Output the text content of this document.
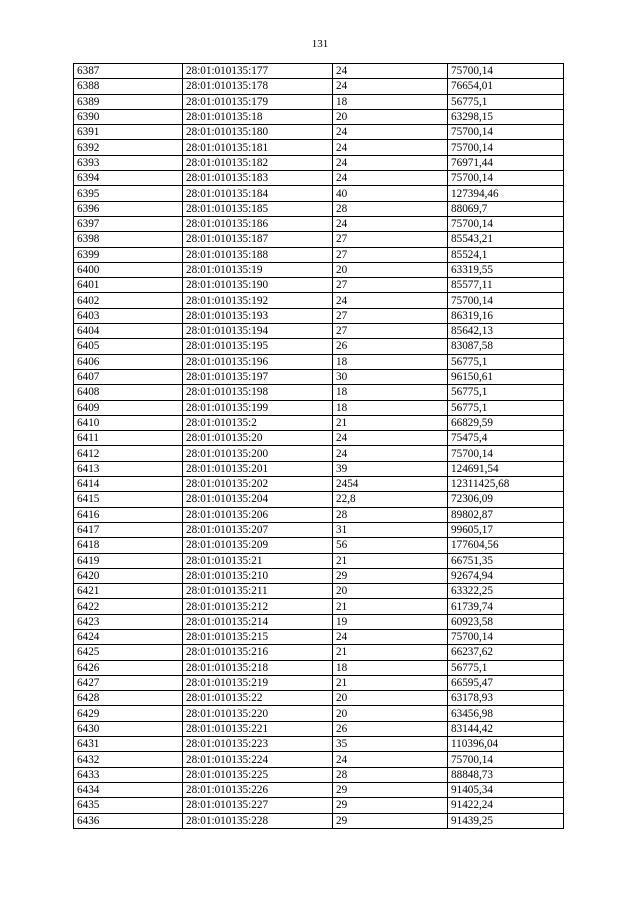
131
6387	28:01:010135:177	24	75700,14
6388	28:01:010135:178	24	76654,01
6389	28:01:010135:179	18	56775,1
6390	28:01:010135:18	20	63298,15
6391	28:01:010135:180	24	75700,14
6392	28:01:010135:181	24	75700,14
6393	28:01:010135:182	24	76971,44
6394	28:01:010135:183	24	75700,14
6395	28:01:010135:184	40	127394,46
6396	28:01:010135:185	28	88069,7
6397	28:01:010135:186	24	75700,14
6398	28:01:010135:187	27	85543,21
6399	28:01:010135:188	27	85524,1
6400	28:01:010135:19	20	63319,55
6401	28:01:010135:190	27	85577,11
6402	28:01:010135:192	24	75700,14
6403	28:01:010135:193	27	86319,16
6404	28:01:010135:194	27	85642,13
6405	28:01:010135:195	26	83087,58
6406	28:01:010135:196	18	56775,1
6407	28:01:010135:197	30	96150,61
6408	28:01:010135:198	18	56775,1
6409	28:01:010135:199	18	56775,1
6410	28:01:010135:2	21	66829,59
6411	28:01:010135:20	24	75475,4
6412	28:01:010135:200	24	75700,14
6413	28:01:010135:201	39	124691,54
6414	28:01:010135:202	2454	12311425,68
6415	28:01:010135:204	22,8	72306,09
6416	28:01:010135:206	28	89802,87
6417	28:01:010135:207	31	99605,17
6418	28:01:010135:209	56	177604,56
6419	28:01:010135:21	21	66751,35
6420	28:01:010135:210	29	92674,94
6421	28:01:010135:211	20	63322,25
6422	28:01:010135:212	21	61739,74
6423	28:01:010135:214	19	60923,58
6424	28:01:010135:215	24	75700,14
6425	28:01:010135:216	21	66237,62
6426	28:01:010135:218	18	56775,1
6427	28:01:010135:219	21	66595,47
6428	28:01:010135:22	20	63178,93
6429	28:01:010135:220	20	63456,98
6430	28:01:010135:221	26	83144,42
6431	28:01:010135:223	35	110396,04
6432	28:01:010135:224	24	75700,14
6433	28:01:010135:225	28	88848,73
6434	28:01:010135:226	29	91405,34
6435	28:01:010135:227	29	91422,24
6436	28:01:010135:228	29	91439,25
